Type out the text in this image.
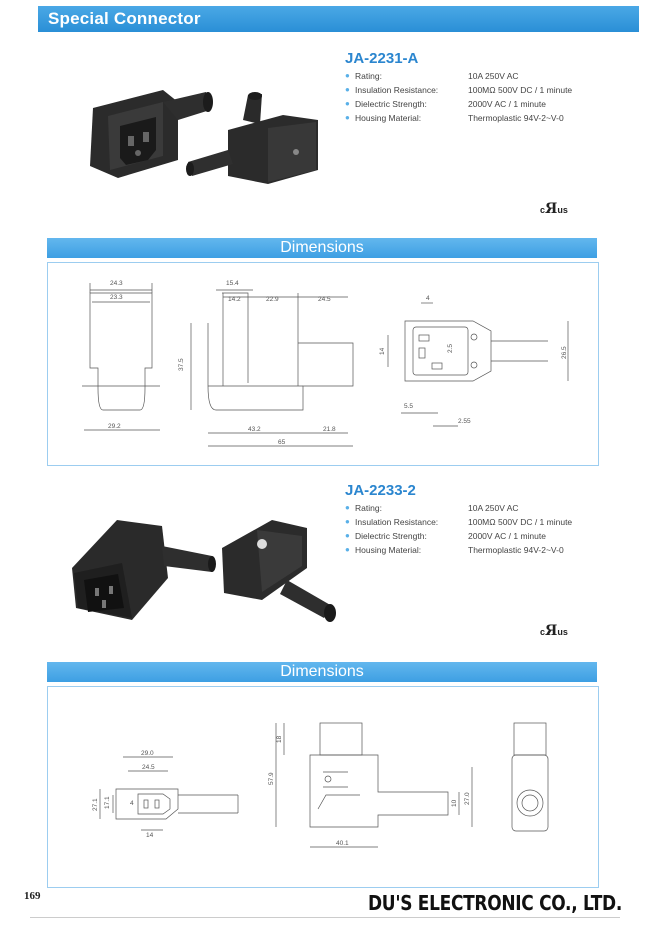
Special Connector
JA-2231-A
● Rating:	10A 250V AC
● Insulation Resistance:	100MΩ 500V DC / 1 minute
● Dielectric Strength:	2000V AC / 1 minute
● Housing Material:	Thermoplastic 94V-2~V-0
cЯus
Dimensions
24.3
23.3
29.2
15.4
14.2	22.9	24.5
37.5
43.2	21.8
65
4
14	2.5	26.5
5.5
2.55
JA-2233-2
● Rating:	10A 250V AC
● Insulation Resistance:	100MΩ 500V DC / 1 minute
● Dielectric Strength:	2000V AC / 1 minute
● Housing Material:	Thermoplastic 94V-2~V-0
cЯus
Dimensions
29.0
24.5
27.1 17.1	4
14
18
57.9
40.1
10 27.0
169	DU'S ELECTRONIC CO., LTD.
